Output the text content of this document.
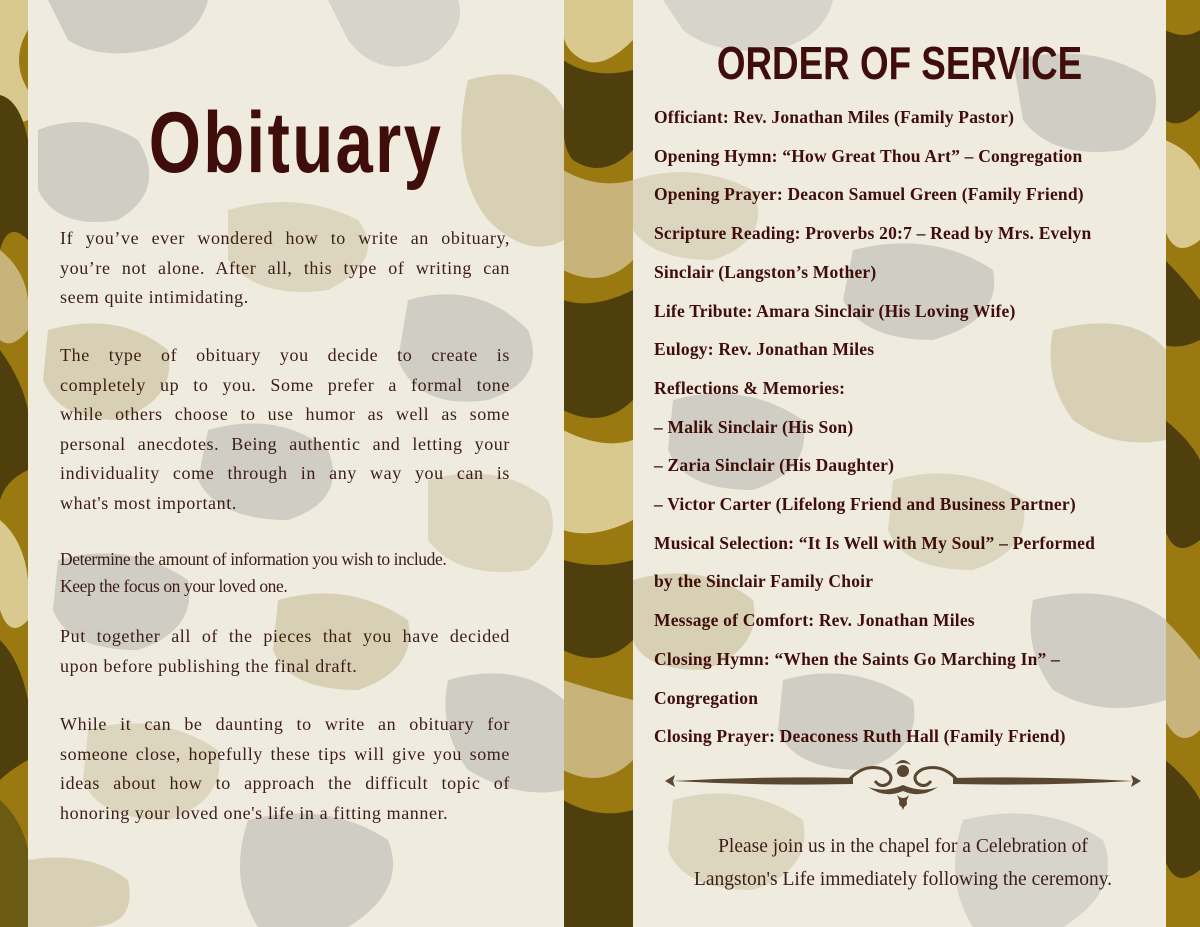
Obituary

If you’ve ever wondered how to write an obituary,

you’re not alone. After all, this type of writing can

seem quite intimidating.

The type of obituary you decide to create is

completely up to you. Some prefer a formal tone

while others choose to use humor as well as some

personal anecdotes. Being authentic and letting your

individuality come through in any way you can is

what's most important.

Determine the amount of information you wish to include.

Keep the focus on your loved one.

Put together all of the pieces that you have decided

upon before publishing the final draft.

While it can be daunting to write an obituary for

someone close, hopefully these tips will give you some

ideas about how to approach the difficult topic of

honoring your loved one's life in a fitting manner.

ORDER OF SERVICE
Officiant: Rev. Jonathan Miles (Family Pastor)
Opening Hymn: “How Great Thou Art” – Congregation
Opening Prayer: Deacon Samuel Green (Family Friend)
Scripture Reading: Proverbs 20:7 – Read by Mrs. Evelyn
Sinclair (Langston’s Mother)
Life Tribute: Amara Sinclair (His Loving Wife)
Eulogy: Rev. Jonathan Miles
Reflections & Memories:
– Malik Sinclair (His Son)
– Zaria Sinclair (His Daughter)
– Victor Carter (Lifelong Friend and Business Partner)
Musical Selection: “It Is Well with My Soul” – Performed
by the Sinclair Family Choir
Message of Comfort: Rev. Jonathan Miles
Closing Hymn: “When the Saints Go Marching In” –
Congregation
Closing Prayer: Deaconess Ruth Hall (Family Friend)

Please join us in the chapel for a Celebration of

Langston's Life immediately following the ceremony.
